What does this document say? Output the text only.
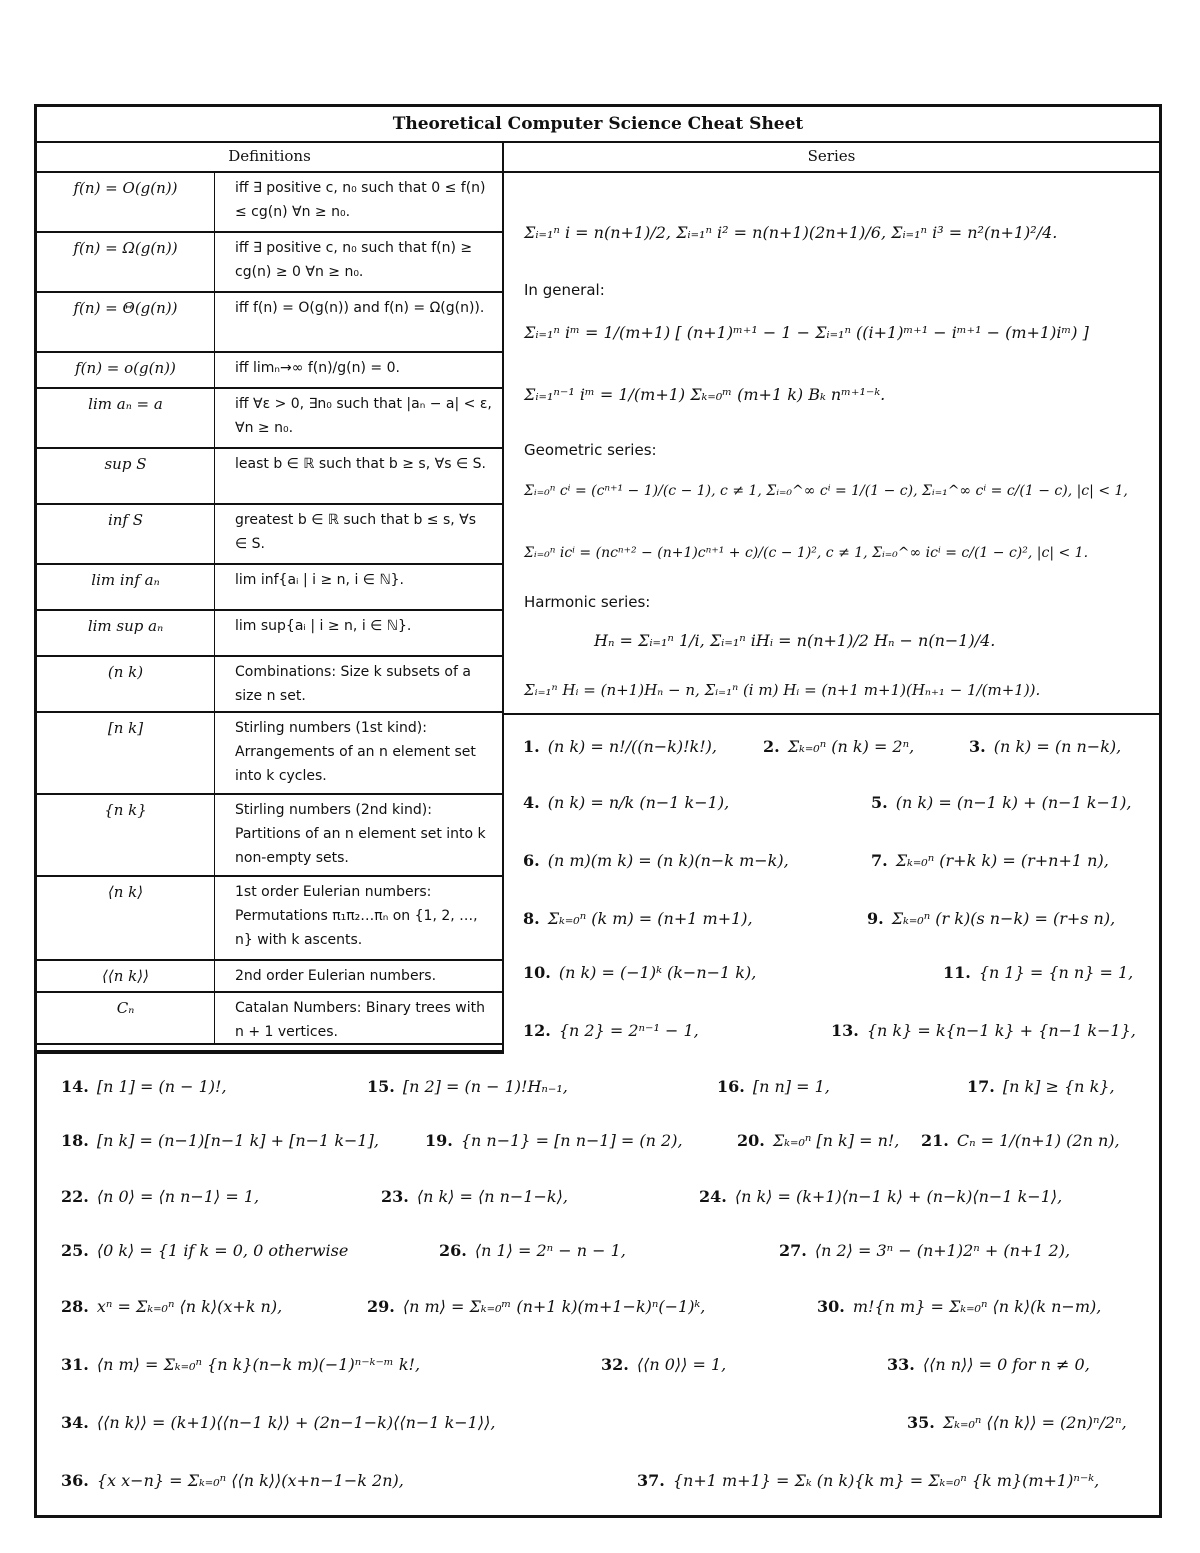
Theoretical Computer Science Cheat Sheet
Definitions
f(n) = O(g(n))	iff ∃ positive c, n₀ such that 0 ≤ f(n) ≤ cg(n) ∀n ≥ n₀.
f(n) = Ω(g(n))	iff ∃ positive c, n₀ such that f(n) ≥ cg(n) ≥ 0 ∀n ≥ n₀.
f(n) = Θ(g(n))	iff f(n) = O(g(n)) and f(n) = Ω(g(n)).
f(n) = o(g(n))	iff limₙ→∞ f(n)/g(n) = 0.
lim aₙ = a	iff ∀ε > 0, ∃n₀ such that |aₙ − a| < ε, ∀n ≥ n₀.
sup S	least b ∈ ℝ such that b ≥ s, ∀s ∈ S.
inf S	greatest b ∈ ℝ such that b ≤ s, ∀s ∈ S.
lim inf aₙ	lim inf{aᵢ | i ≥ n, i ∈ ℕ}.
lim sup aₙ	lim sup{aᵢ | i ≥ n, i ∈ ℕ}.
(n k)	Combinations: Size k subsets of a size n set.
[n k]	Stirling numbers (1st kind): Arrangements of an n element set into k cycles.
{n k}	Stirling numbers (2nd kind): Partitions of an n element set into k non-empty sets.
⟨n k⟩	1st order Eulerian numbers: Permutations π₁π₂…πₙ on {1, 2, …, n} with k ascents.
⟨⟨n k⟩⟩	2nd order Eulerian numbers.
Cₙ	Catalan Numbers: Binary trees with n + 1 vertices.
Series
Σᵢ₌₁ⁿ i = n(n+1)/2, Σᵢ₌₁ⁿ i² = n(n+1)(2n+1)/6, Σᵢ₌₁ⁿ i³ = n²(n+1)²/4.
In general:
Σᵢ₌₁ⁿ iᵐ = 1/(m+1) [ (n+1)ᵐ⁺¹ − 1 − Σᵢ₌₁ⁿ ((i+1)ᵐ⁺¹ − iᵐ⁺¹ − (m+1)iᵐ) ]
Σᵢ₌₁ⁿ⁻¹ iᵐ = 1/(m+1) Σₖ₌₀ᵐ (m+1 k) Bₖ nᵐ⁺¹⁻ᵏ.
Geometric series:
Σᵢ₌₀ⁿ cⁱ = (cⁿ⁺¹ − 1)/(c − 1), c ≠ 1, Σᵢ₌₀^∞ cⁱ = 1/(1 − c), Σᵢ₌₁^∞ cⁱ = c/(1 − c), |c| < 1,
Σᵢ₌₀ⁿ icⁱ = (ncⁿ⁺² − (n+1)cⁿ⁺¹ + c)/(c − 1)², c ≠ 1, Σᵢ₌₀^∞ icⁱ = c/(1 − c)², |c| < 1.
Harmonic series:
Hₙ = Σᵢ₌₁ⁿ 1/i, Σᵢ₌₁ⁿ iHᵢ = n(n+1)/2 Hₙ − n(n−1)/4.
Σᵢ₌₁ⁿ Hᵢ = (n+1)Hₙ − n, Σᵢ₌₁ⁿ (i m) Hᵢ = (n+1 m+1)(Hₙ₊₁ − 1/(m+1)).
1. (n k) = n!/((n−k)!k!),	2. Σₖ₌₀ⁿ (n k) = 2ⁿ,	3. (n k) = (n n−k),
4. (n k) = n/k (n−1 k−1),	5. (n k) = (n−1 k) + (n−1 k−1),
6. (n m)(m k) = (n k)(n−k m−k),	7. Σₖ₌₀ⁿ (r+k k) = (r+n+1 n),
8. Σₖ₌₀ⁿ (k m) = (n+1 m+1),	9. Σₖ₌₀ⁿ (r k)(s n−k) = (r+s n),
10. (n k) = (−1)ᵏ (k−n−1 k),	11. {n 1} = {n n} = 1,
12. {n 2} = 2ⁿ⁻¹ − 1,	13. {n k} = k{n−1 k} + {n−1 k−1},
14. [n 1] = (n − 1)!,	15. [n 2] = (n − 1)!Hₙ₋₁,	16. [n n] = 1,	17. [n k] ≥ {n k},
18. [n k] = (n−1)[n−1 k] + [n−1 k−1],	19. {n n−1} = [n n−1] = (n 2),	20. Σₖ₌₀ⁿ [n k] = n!, 21. Cₙ = 1/(n+1) (2n n),
22. ⟨n 0⟩ = ⟨n n−1⟩ = 1,	23. ⟨n k⟩ = ⟨n n−1−k⟩,	24. ⟨n k⟩ = (k+1)⟨n−1 k⟩ + (n−k)⟨n−1 k−1⟩,
25. ⟨0 k⟩ = {1 if k = 0, 0 otherwise	26. ⟨n 1⟩ = 2ⁿ − n − 1,	27. ⟨n 2⟩ = 3ⁿ − (n+1)2ⁿ + (n+1 2),
28. xⁿ = Σₖ₌₀ⁿ ⟨n k⟩(x+k n),	29. ⟨n m⟩ = Σₖ₌₀ᵐ (n+1 k)(m+1−k)ⁿ(−1)ᵏ,	30. m!{n m} = Σₖ₌₀ⁿ ⟨n k⟩(k n−m),
31. ⟨n m⟩ = Σₖ₌₀ⁿ {n k}(n−k m)(−1)ⁿ⁻ᵏ⁻ᵐ k!,	32. ⟨⟨n 0⟩⟩ = 1,	33. ⟨⟨n n⟩⟩ = 0 for n ≠ 0,
34. ⟨⟨n k⟩⟩ = (k+1)⟨⟨n−1 k⟩⟩ + (2n−1−k)⟨⟨n−1 k−1⟩⟩,	35. Σₖ₌₀ⁿ ⟨⟨n k⟩⟩ = (2n)ⁿ/2ⁿ,
36. {x x−n} = Σₖ₌₀ⁿ ⟨⟨n k⟩⟩(x+n−1−k 2n),	37. {n+1 m+1} = Σₖ (n k){k m} = Σₖ₌₀ⁿ {k m}(m+1)ⁿ⁻ᵏ,
